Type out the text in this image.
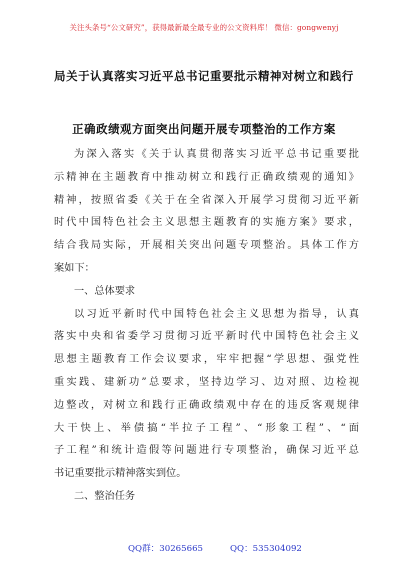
关注头条号“公文研究”，获得最新最全最专业的公文资料库！ 微信：gongwenyj
局关于认真落实习近平总书记重要批示精神对树立和践行
正确政绩观方面突出问题开展专项整治的工作方案
为深入落实《关于认真贯彻落实习近平总书记重要批
示精神在主题教育中推动树立和践行正确政绩观的通知》
精神，按照省委《关于在全省深入开展学习贯彻习近平新
时代中国特色社会主义思想主题教育的实施方案》要求，
结合我局实际，开展相关突出问题专项整治。具体工作方
案如下：
一、总体要求
以习近平新时代中国特色社会主义思想为指导，认真
落实中央和省委学习贯彻习近平新时代中国特色社会主义
思想主题教育工作会议要求，牢牢把握“学思想、强党性
重实践、建新功”总要求，坚持边学习、边对照、边检视
边整改，对树立和践行正确政绩观中存在的违反客观规律
大干快上、举债搞“半拉子工程”、“形象工程”、“面
子工程”和统计造假等问题进行专项整治，确保习近平总
书记重要批示精神落实到位。
二、整治任务
QQ群：30265665	QQ：535304092
